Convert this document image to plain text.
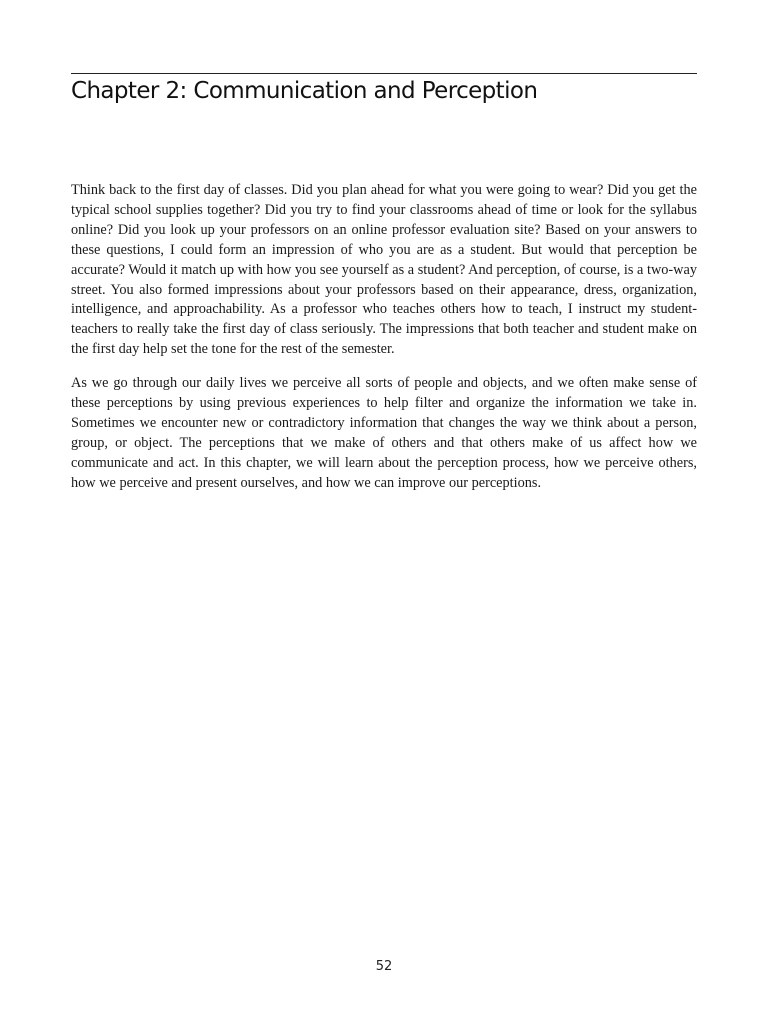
Chapter 2: Communication and Perception

Think back to the first day of classes. Did you plan ahead for what you were going to wear? Did you get the typical school supplies together? Did you try to find your classrooms ahead of time or look for the syllabus online? Did you look up your professors on an online professor evaluation site? Based on your answers to these questions, I could form an impression of who you are as a student. But would that perception be accurate? Would it match up with how you see yourself as a student? And perception, of course, is a two-way street. You also formed impressions about your professors based on their appearance, dress, organization, intelligence, and approachability. As a professor who teaches others how to teach, I instruct my student-teachers to really take the first day of class seriously. The impressions that both teacher and student make on the first day help set the tone for the rest of the semester.

As we go through our daily lives we perceive all sorts of people and objects, and we often make sense of these perceptions by using previous experiences to help filter and organize the information we take in. Sometimes we encounter new or contradictory information that changes the way we think about a person, group, or object. The perceptions that we make of others and that others make of us affect how we communicate and act. In this chapter, we will learn about the perception process, how we perceive others, how we perceive and present ourselves, and how we can improve our perceptions.

52
